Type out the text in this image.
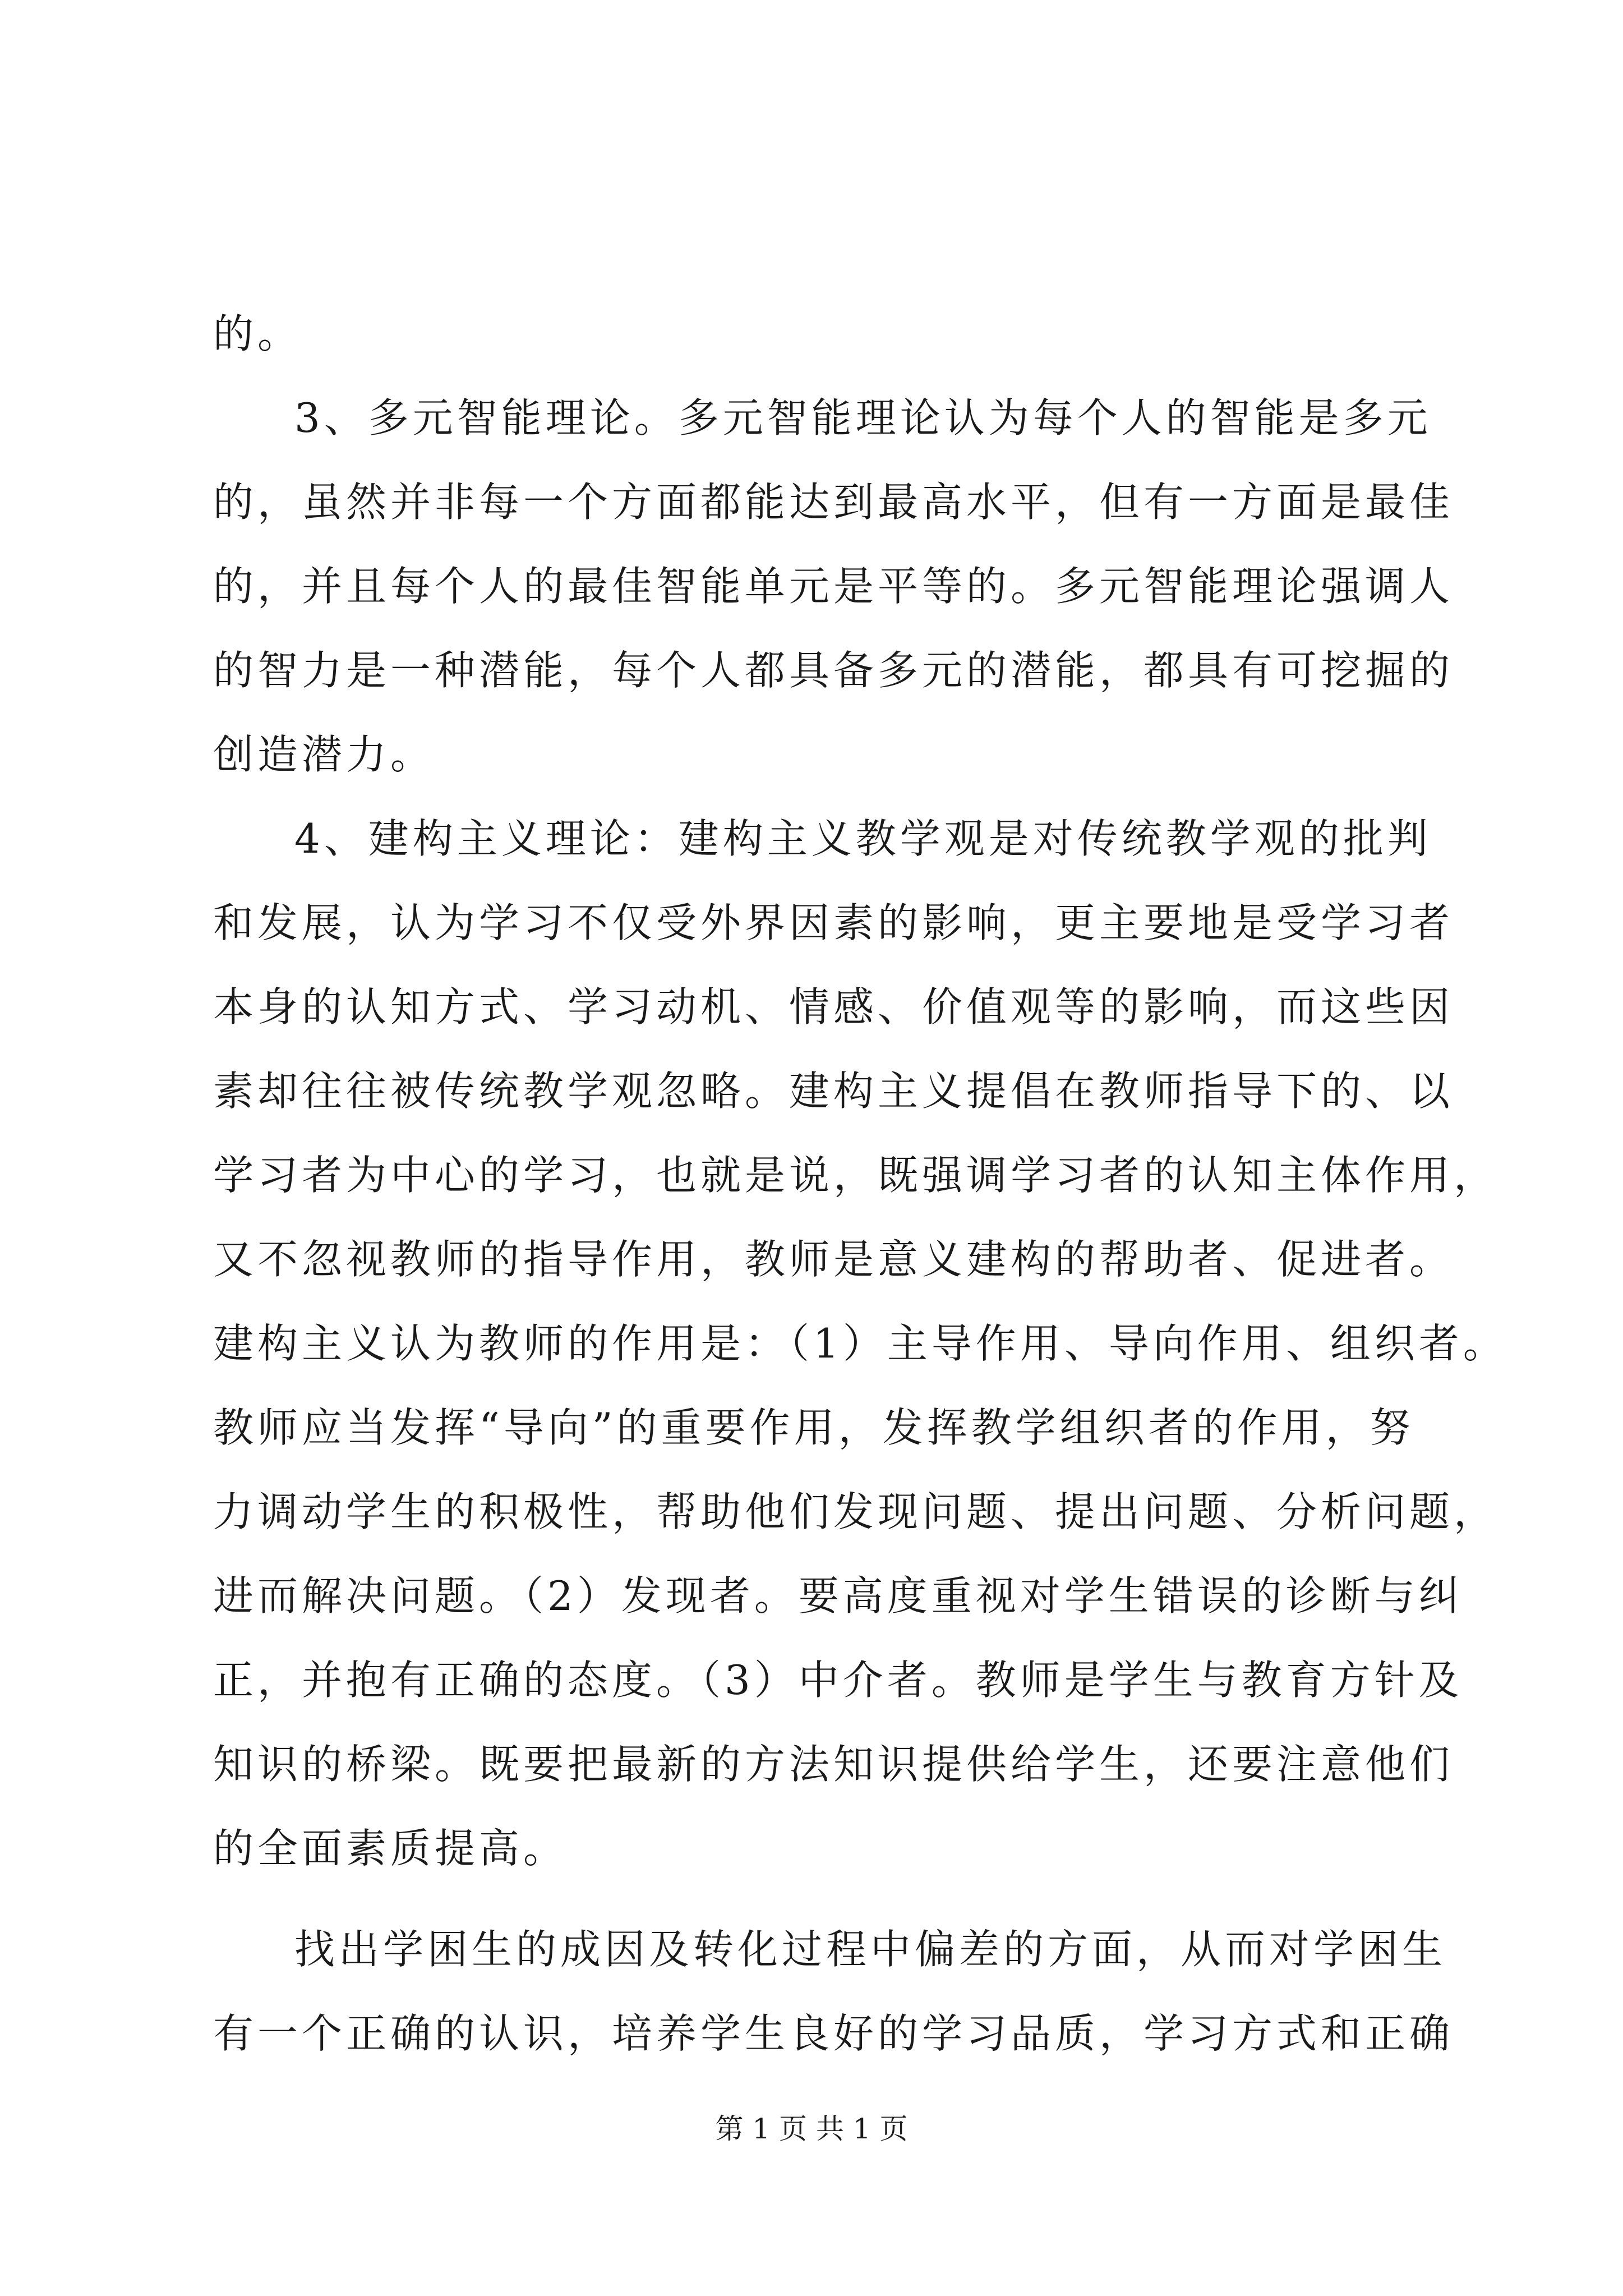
的。
3、多元智能理论。多元智能理论认为每个人的智能是多元
的，虽然并非每一个方面都能达到最高水平，但有一方面是最佳
的，并且每个人的最佳智能单元是平等的。多元智能理论强调人
的智力是一种潜能，每个人都具备多元的潜能，都具有可挖掘的
创造潜力。
4、建构主义理论：建构主义教学观是对传统教学观的批判
和发展，认为学习不仅受外界因素的影响，更主要地是受学习者
本身的认知方式、学习动机、情感、价值观等的影响，而这些因
素却往往被传统教学观忽略。建构主义提倡在教师指导下的、以
学习者为中心的学习，也就是说，既强调学习者的认知主体作用，
又不忽视教师的指导作用，教师是意义建构的帮助者、促进者。
建构主义认为教师的作用是：（1）主导作用、导向作用、组织者。
教师应当发挥“导向”的重要作用，发挥教学组织者的作用，努
力调动学生的积极性，帮助他们发现问题、提出问题、分析问题，
进而解决问题。（2）发现者。要高度重视对学生错误的诊断与纠
正，并抱有正确的态度。（3）中介者。教师是学生与教育方针及
知识的桥梁。既要把最新的方法知识提供给学生，还要注意他们
的全面素质提高。
找出学困生的成因及转化过程中偏差的方面，从而对学困生
有一个正确的认识，培养学生良好的学习品质，学习方式和正确
第 1 页 共 1 页
